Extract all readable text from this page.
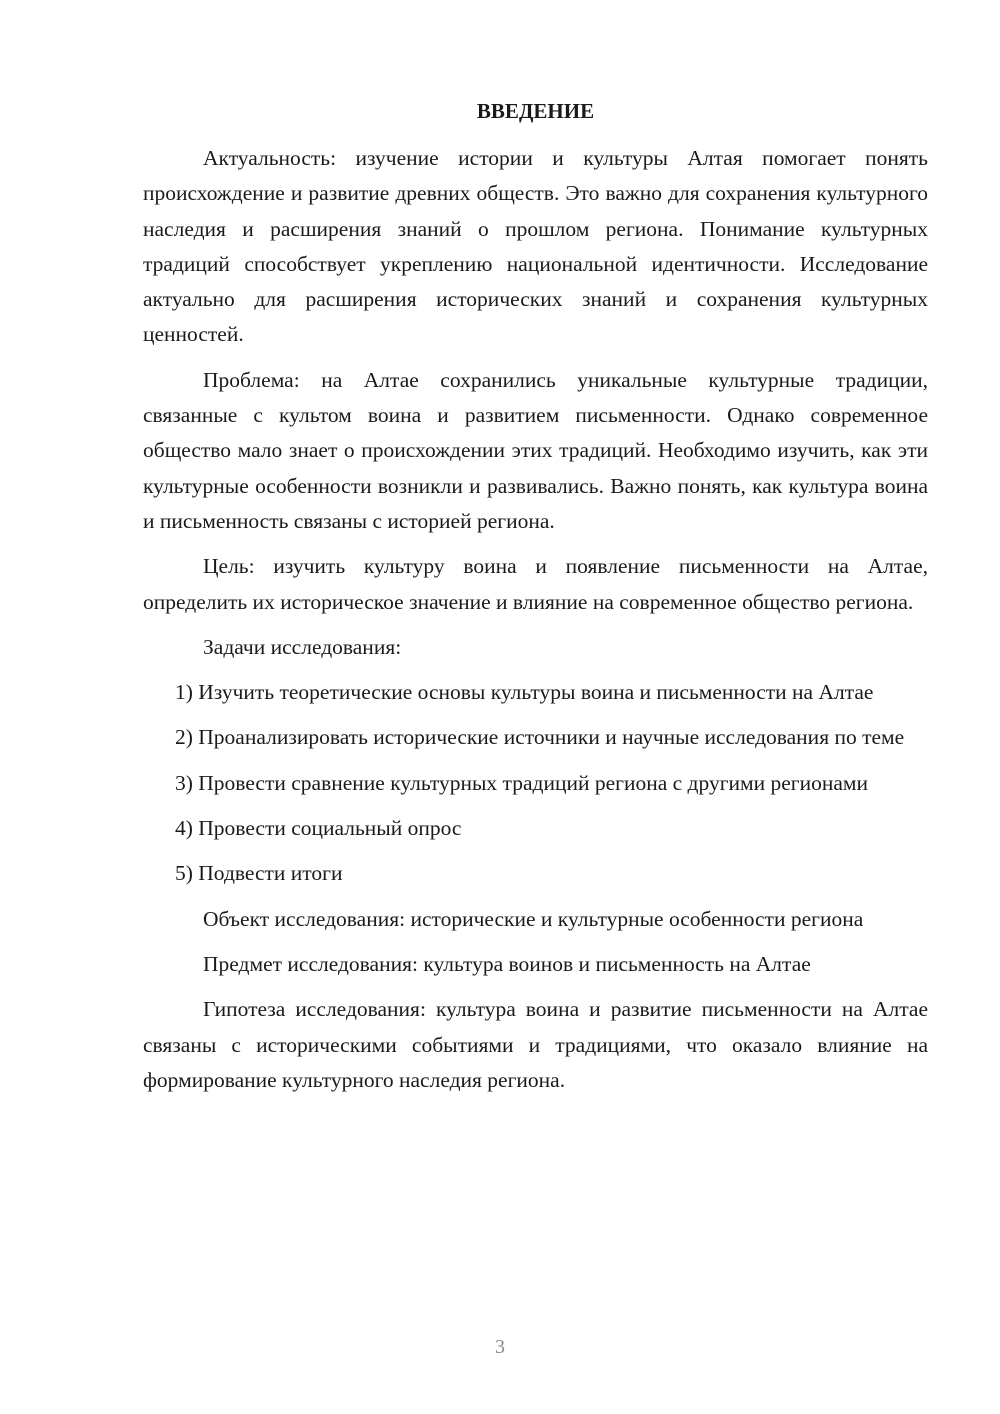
ВВЕДЕНИЕ

Актуальность: изучение истории и культуры Алтая помогает понять происхождение и развитие древних обществ. Это важно для сохранения культурного наследия и расширения знаний о прошлом региона. Понимание культурных традиций способствует укреплению национальной идентичности. Исследование актуально для расширения исторических знаний и сохранения культурных ценностей.

Проблема: на Алтае сохранились уникальные культурные традиции, связанные с культом воина и развитием письменности. Однако современное общество мало знает о происхождении этих традиций. Необходимо изучить, как эти культурные особенности возникли и развивались. Важно понять, как культура воина и письменность связаны с историей региона.

Цель: изучить культуру воина и появление письменности на Алтае, определить их историческое значение и влияние на современное общество региона.

Задачи исследования:

1) Изучить теоретические основы культуры воина и письменности на Алтае

2) Проанализировать исторические источники и научные исследования по теме

3) Провести сравнение культурных традиций региона с другими регионами

4) Провести социальный опрос

5) Подвести итоги

Объект исследования: исторические и культурные особенности региона

Предмет исследования: культура воинов и письменность на Алтае

Гипотеза исследования: культура воина и развитие письменности на Алтае связаны с историческими событиями и традициями, что оказало влияние на формирование культурного наследия региона.

3
